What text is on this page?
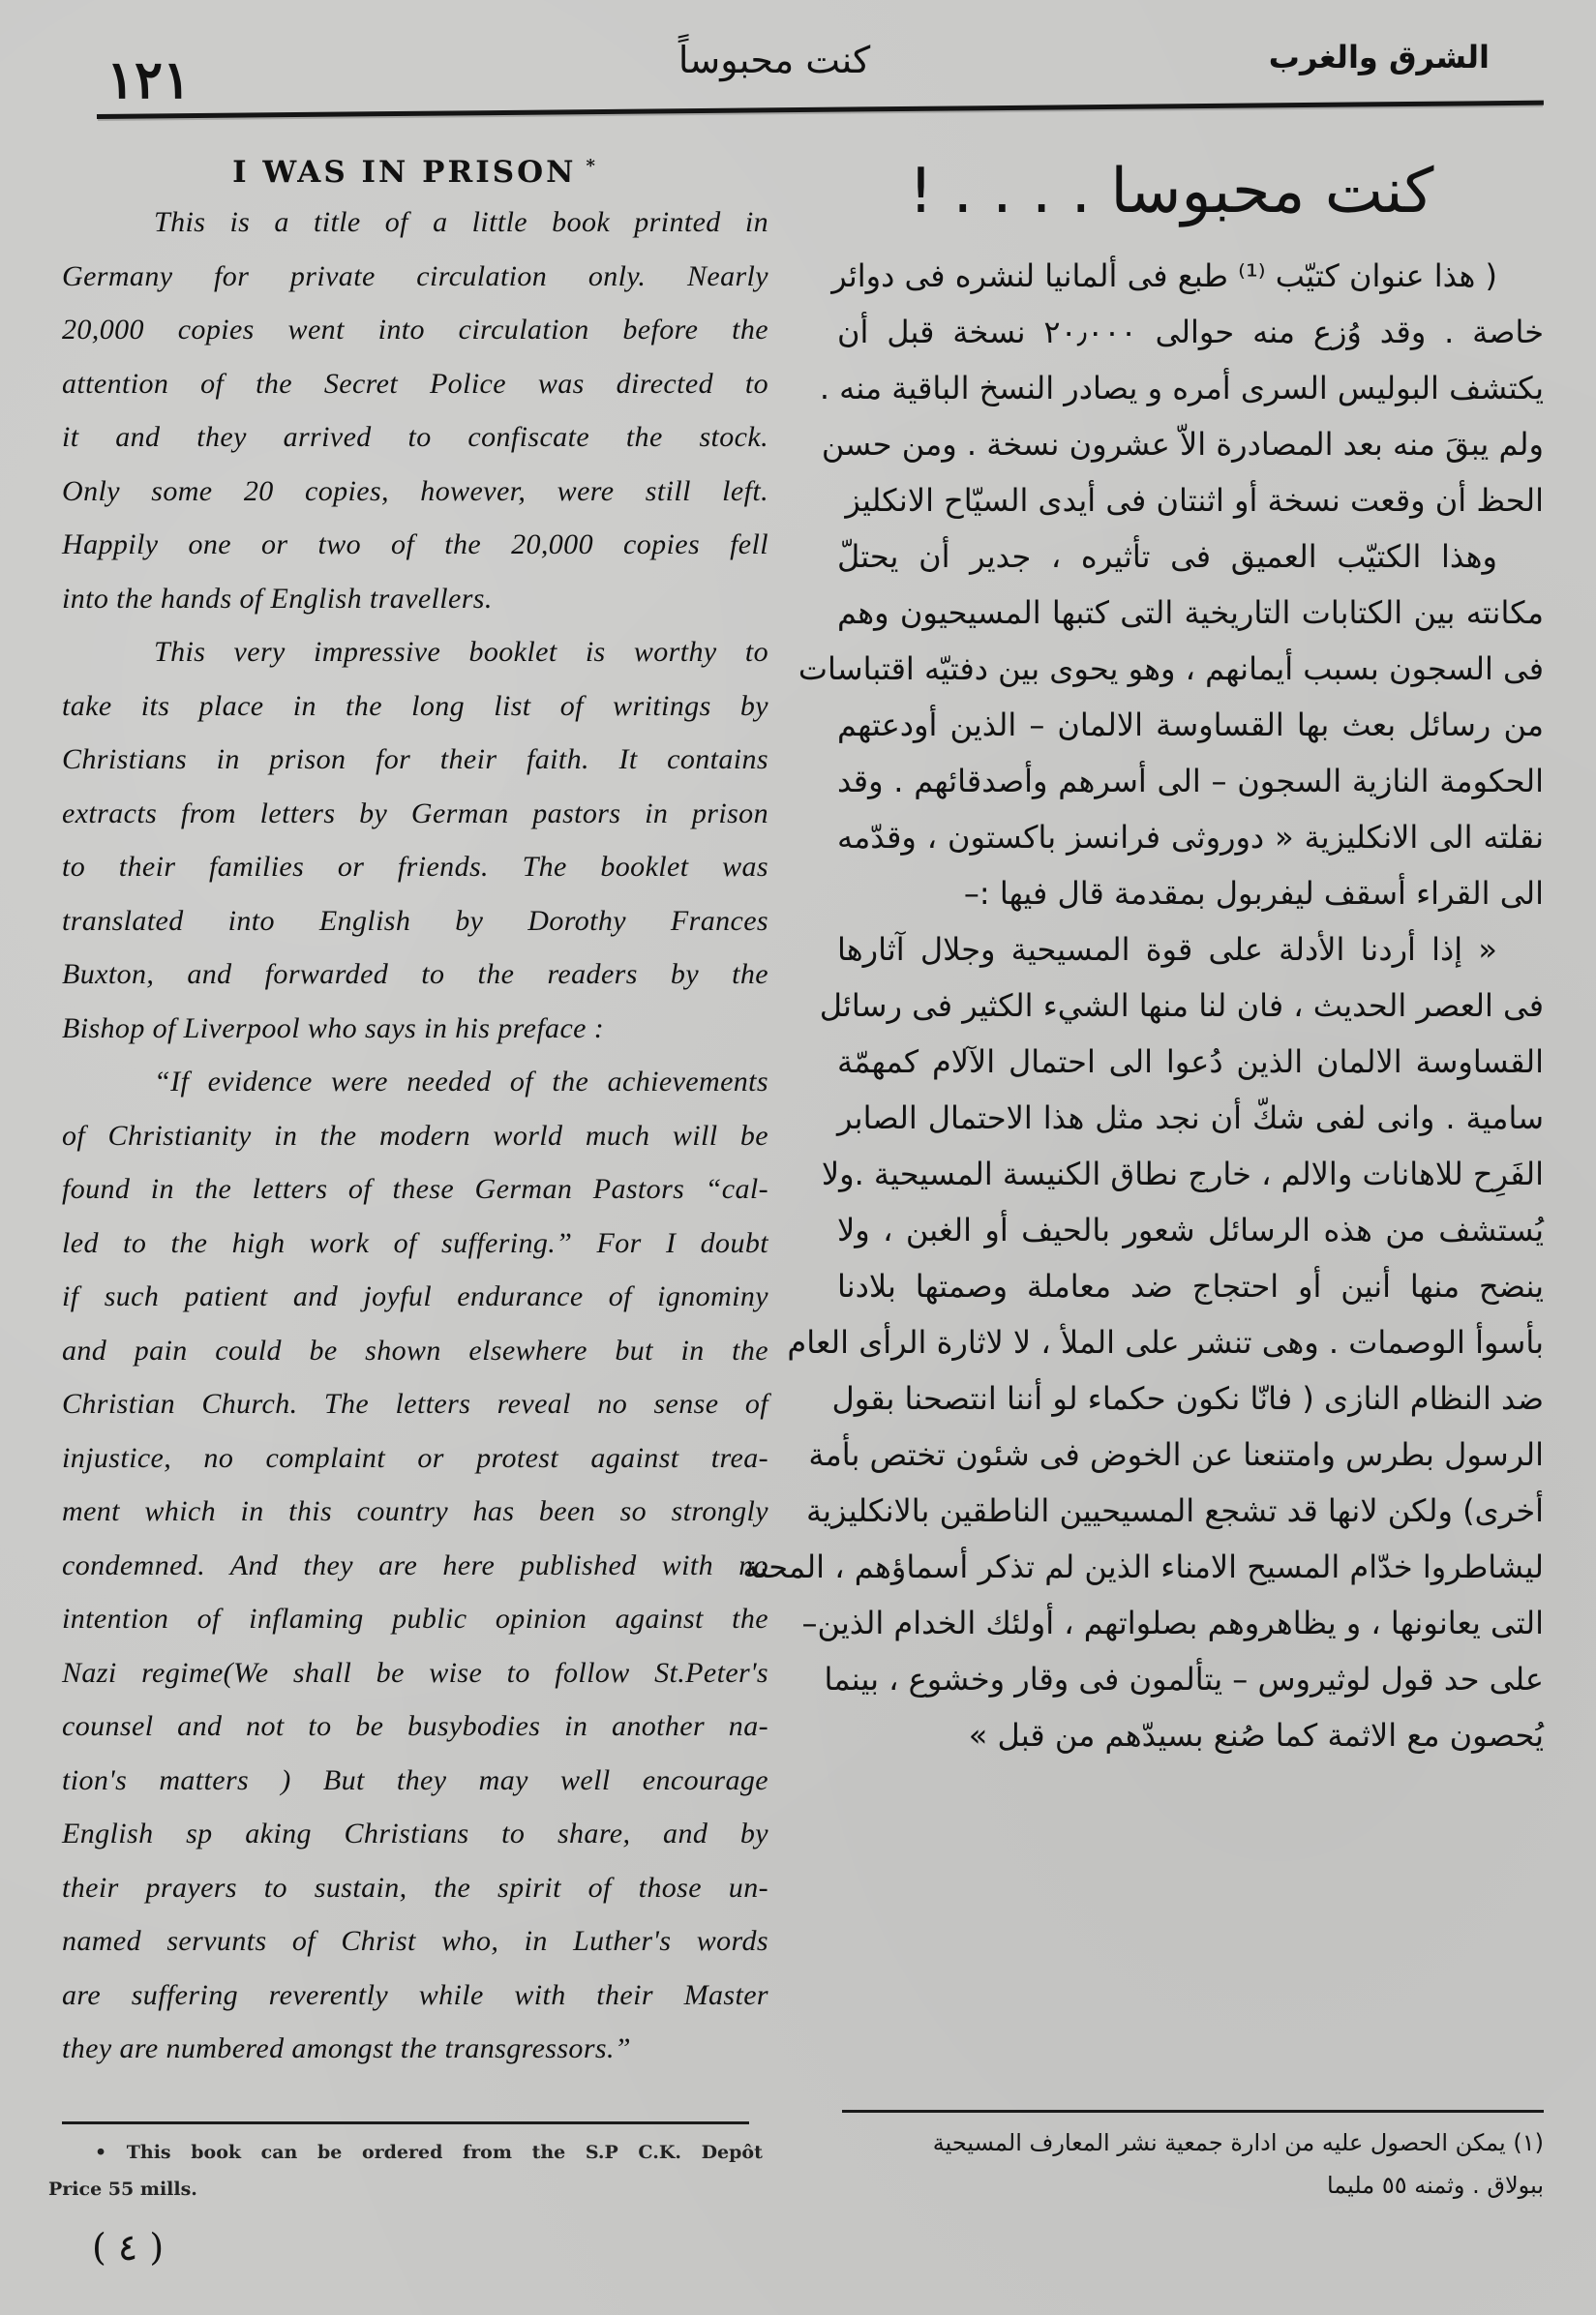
١٢١	كنت محبوساً	الشرق والغرب
I WAS IN PRISON *

This is a title of a little book printed in
Germany for private circulation only. Nearly
20,000 copies went into circulation before the
attention of the Secret Police was directed to
it and they arrived to confiscate the stock.
Only some 20 copies, however, were still left.
Happily one or two of the 20,000 copies fell
into the hands of English travellers.

This very impressive booklet is worthy to
take its place in the long list of writings by
Christians in prison for their faith. It contains
extracts from letters by German pastors in prison
to their families or friends. The booklet was
translated into English by Dorothy Frances
Buxton, and forwarded to the readers by the
Bishop of Liverpool who says in his preface :

“If evidence were needed of the achievements
of Christianity in the modern world much will be
found in the letters of these German Pastors “cal-
led to the high work of suffering.” For I doubt
if such patient and joyful endurance of ignominy
and pain could be shown elsewhere but in the
Christian Church. The letters reveal no sense of
injustice, no complaint or protest against trea-
ment which in this country has been so strongly
condemned. And they are here published with no
intention of inflaming public opinion against the
Nazi regime(We shall be wise to follow St.Peter's
counsel and not to be busybodies in another na-
tion's matters ) But they may well encourage
English sp aking Christians to share, and by
their prayers to sustain, the spirit of those un-
named servunts of Christ who, in Luther's words
are suffering reverently while with their Master
they are numbered amongst the transgressors.”

• This book can be ordered from the S.P C.K. Depôt
Price 55 mills.
( ٤ )
كنت محبوسا . . . . !

( هذا عنوان كتيّب ⁽¹⁾ طبع فى ألمانيا لنشره فى دوائر
خاصة . وقد وُزع منه حوالى ٢٠٫٠٠٠ نسخة قبل أن
يكتشف البوليس السرى أمره و يصادر النسخ الباقية منه .
ولم يبقَ منه بعد المصادرة الاّ عشرون نسخة . ومن حسن
الحظ أن وقعت نسخة أو اثنتان فى أيدى السيّاح الانكليز

وهذا الكتيّب العميق فى تأثيره ، جدير أن يحتلّ
مكانته بين الكتابات التاريخية التى كتبها المسيحيون وهم
فى السجون بسبب أيمانهم ، وهو يحوى بين دفتيّه اقتباسات
من رسائل بعث بها القساوسة الالمان – الذين أودعتهم
الحكومة النازية السجون – الى أسرهم وأصدقائهم . وقد
نقلته الى الانكليزية « دوروثى فرانسز باكستون ، وقدّمه
الى القراء أسقف ليفربول بمقدمة قال فيها :–

« إذا أردنا الأدلة على قوة المسيحية وجلال آثارها
فى العصر الحديث ، فان لنا منها الشيء الكثير فى رسائل
القساوسة الالمان الذين دُعوا الى احتمال الآلام كمهمّة
سامية . وانى لفى شكّ أن نجد مثل هذا الاحتمال الصابر
الفَرِح للاهانات والالم ، خارج نطاق الكنيسة المسيحية .ولا
يُستشف من هذه الرسائل شعور بالحيف أو الغبن ، ولا
ينضح منها أنين أو احتجاج ضد معاملة وصمتها بلادنا
بأسوأ الوصمات . وهى تنشر على الملأ ، لا لاثارة الرأى العام
ضد النظام النازى ( فانّا نكون حكماء لو أننا انتصحنا بقول
الرسول بطرس وامتنعنا عن الخوض فى شئون تختص بأمة
أخرى) ولكن لانها قد تشجع المسيحيين الناطقين بالانكليزية
ليشاطروا خدّام المسيح الامناء الذين لم تذكر أسماؤهم ، المحنة
التى يعانونها ، و يظاهروهم بصلواتهم ، أولئك الخدام الذين–
على حد قول لوثيروس – يتألمون فى وقار وخشوع ، بينما
يُحصون مع الاثمة كما صُنع بسيدّهم من قبل »

(١) يمكن الحصول عليه من ادارة جمعية نشر المعارف المسيحية
ببولاق . وثمنه ٥٥ مليما
